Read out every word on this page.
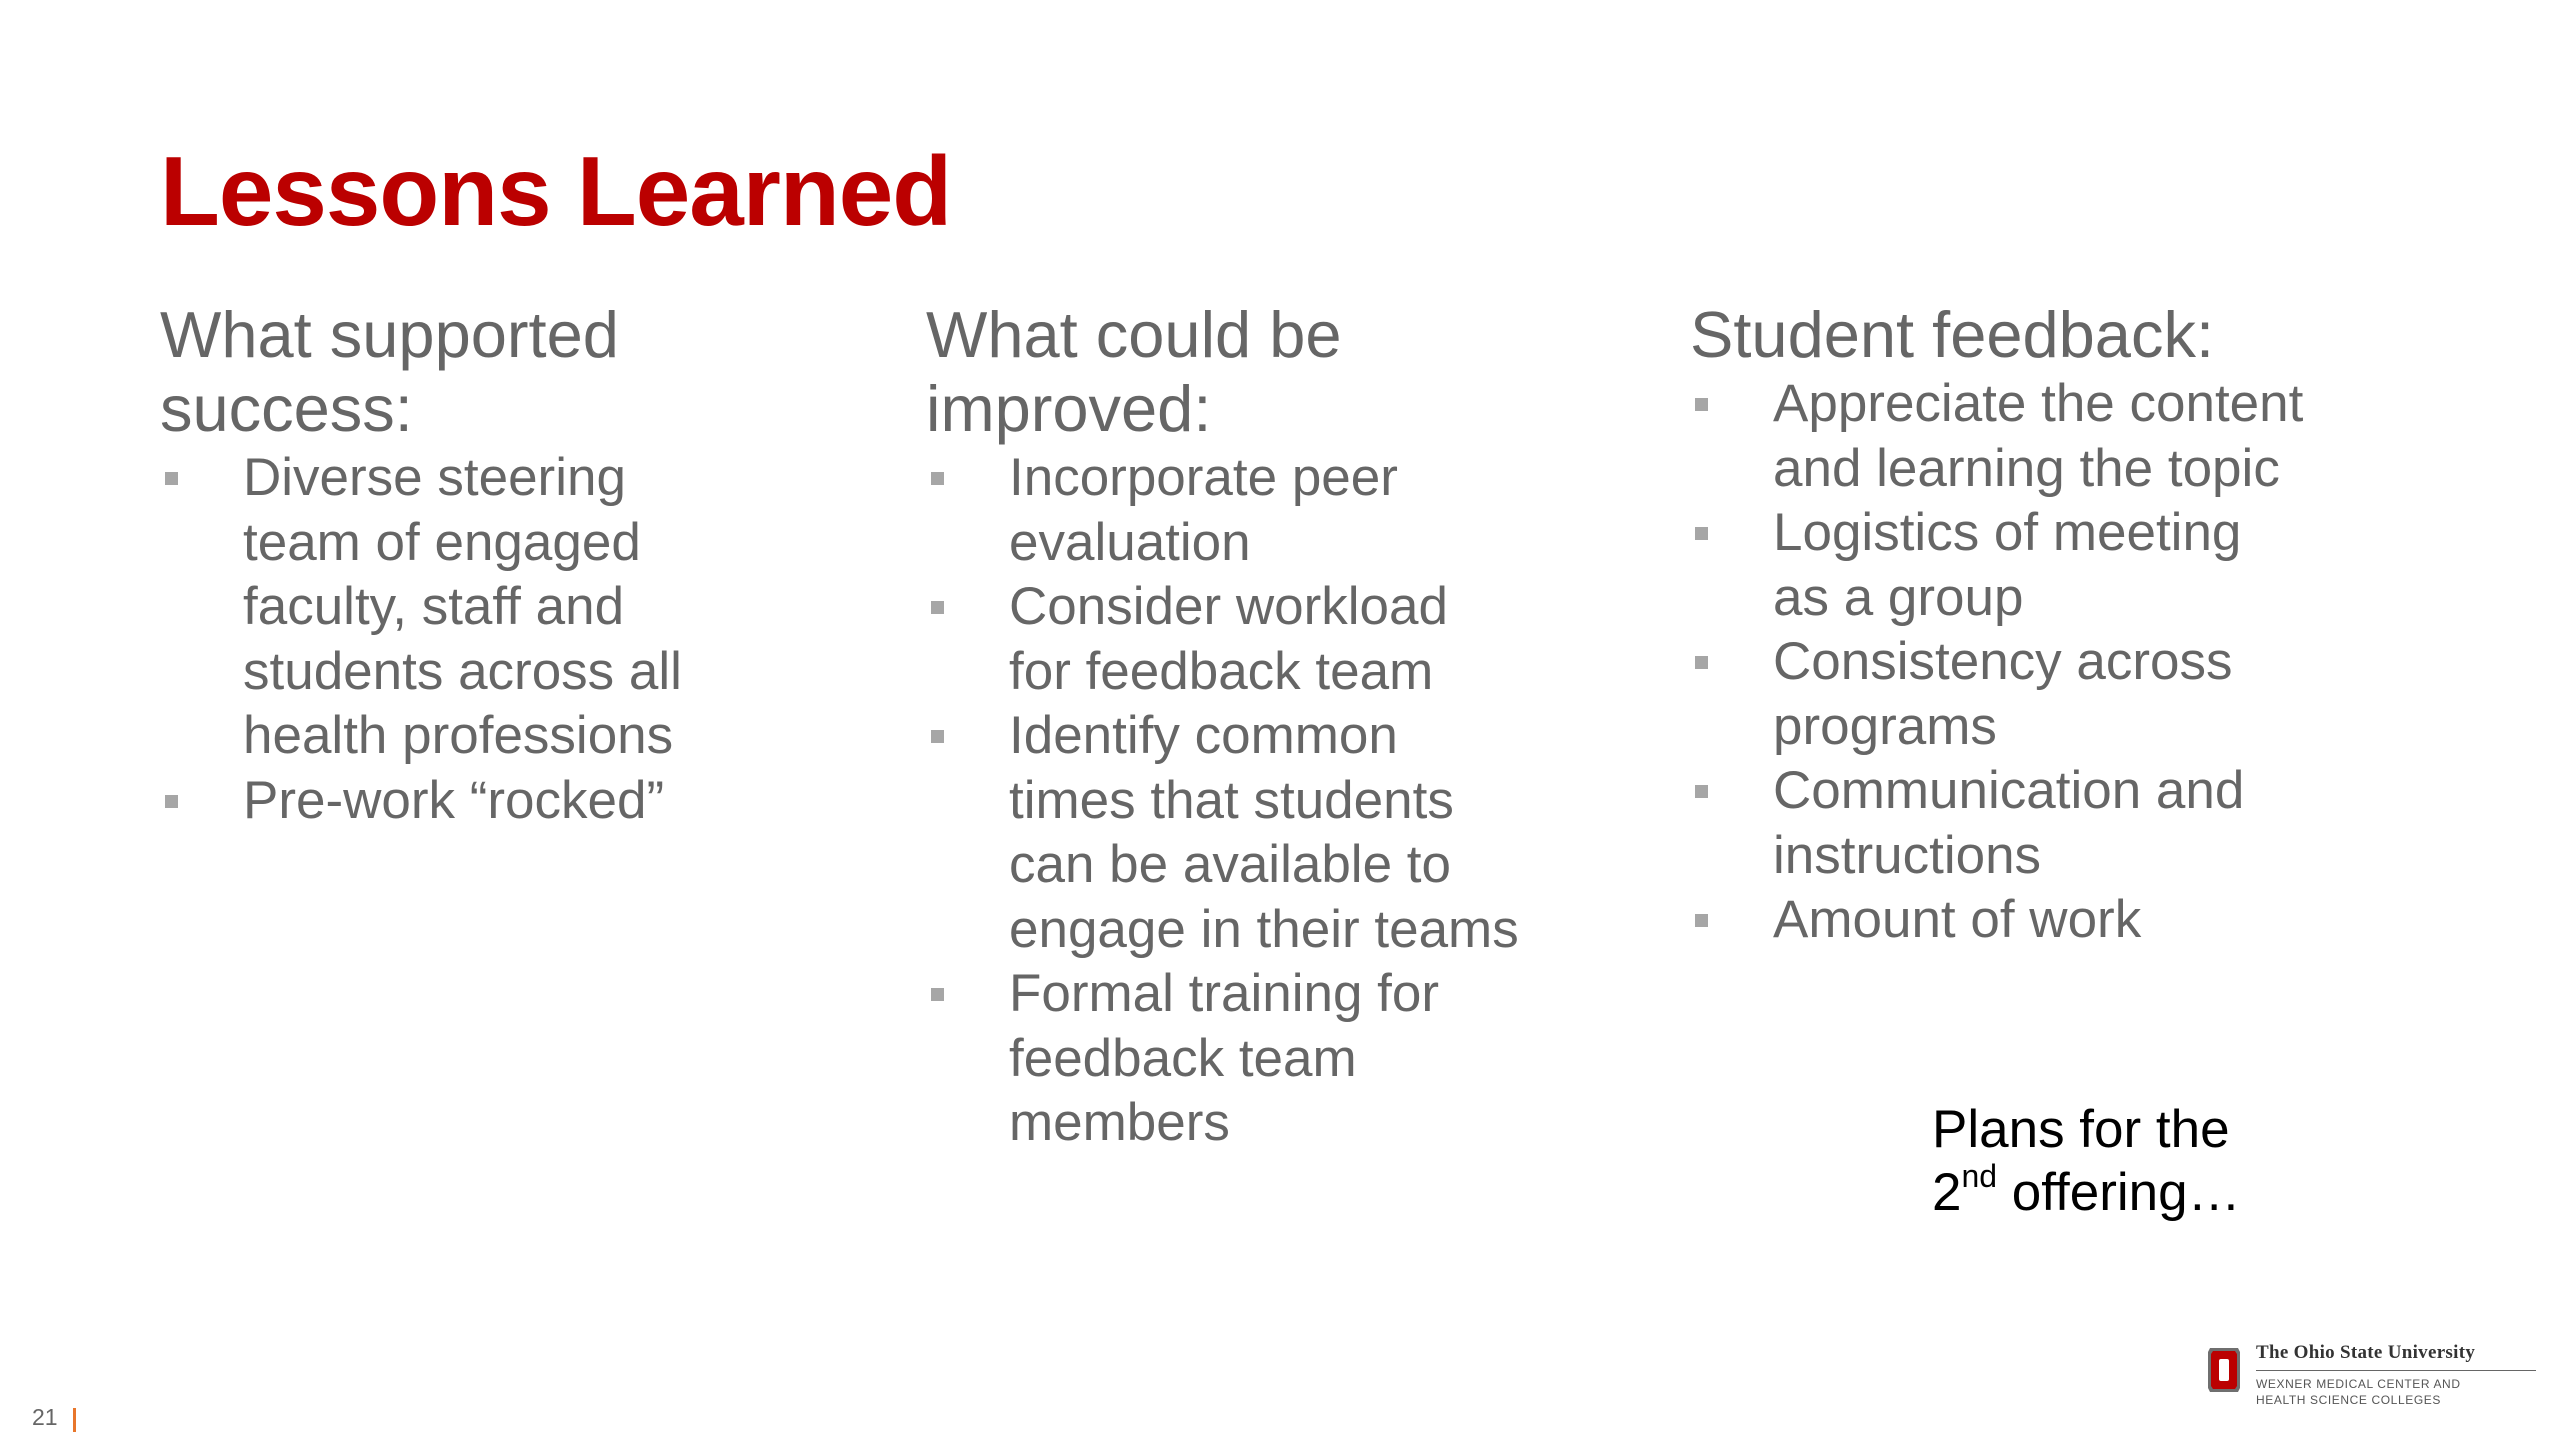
Lessons Learned
What supported
success:
Diverse steering
team of engaged
faculty, staff and
students across all
health professions
Pre-work “rocked”
What could be
improved:
Incorporate peer
evaluation
Consider workload
for feedback team
Identify common
times that students
can be available to
engage in their teams
Formal training for
feedback team
members
Student feedback:
Appreciate the content
and learning the topic
Logistics of meeting
as a group
Consistency across
programs
Communication and
instructions
Amount of work
Plans for the
2nd offering…
21
The Ohio State University
WEXNER MEDICAL CENTER AND
HEALTH SCIENCE COLLEGES
